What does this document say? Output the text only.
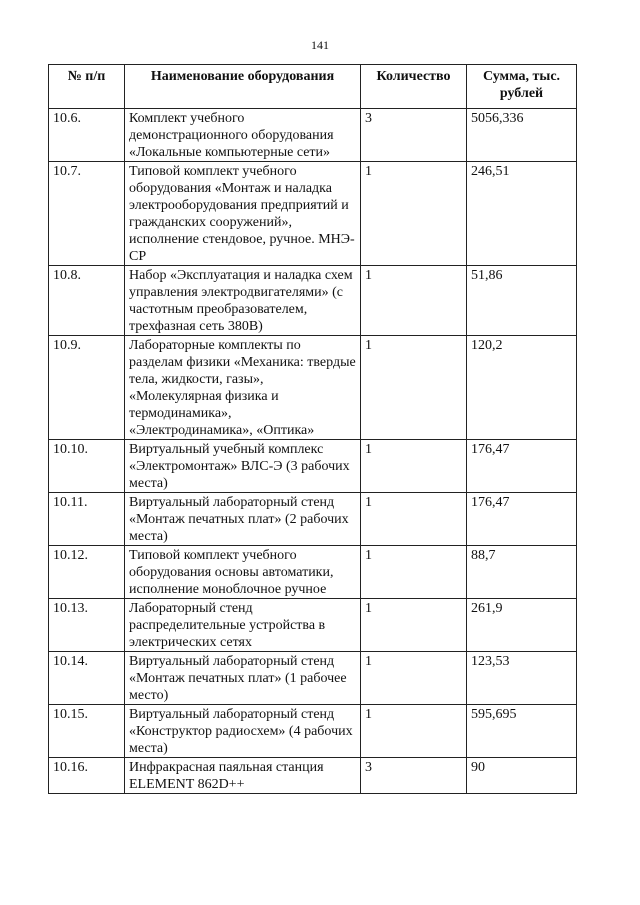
141
№ п/п	Наименование оборудования	Количество	Сумма, тыс. рублей
10.6.	Комплект учебного демонстрационного оборудования «Локальные компьютерные сети»	3	5056,336
10.7.	Типовой комплект учебного оборудования «Монтаж и наладка электрооборудования предприятий и гражданских сооружений», исполнение стендовое, ручное. МНЭ-СР	1	246,51
10.8.	Набор «Эксплуатация и наладка схем управления электродвигателями» (с частотным преобразователем, трехфазная сеть 380В)	1	51,86
10.9.	Лабораторные комплекты по разделам физики «Механика: твердые тела, жидкости, газы», «Молекулярная физика и термодинамика», «Электродинамика», «Оптика»	1	120,2
10.10.	Виртуальный учебный комплекс «Электромонтаж» ВЛС-Э (3 рабочих места)	1	176,47
10.11.	Виртуальный лабораторный стенд «Монтаж печатных плат» (2 рабочих места)	1	176,47
10.12.	Типовой комплект учебного оборудования основы автоматики, исполнение моноблочное ручное	1	88,7
10.13.	Лабораторный стенд распределительные устройства в электрических сетях	1	261,9
10.14.	Виртуальный лабораторный стенд «Монтаж печатных плат» (1 рабочее место)	1	123,53
10.15.	Виртуальный лабораторный стенд «Конструктор радиосхем» (4 рабочих места)	1	595,695
10.16.	Инфракрасная паяльная станция ELEMENT 862D++	3	90
